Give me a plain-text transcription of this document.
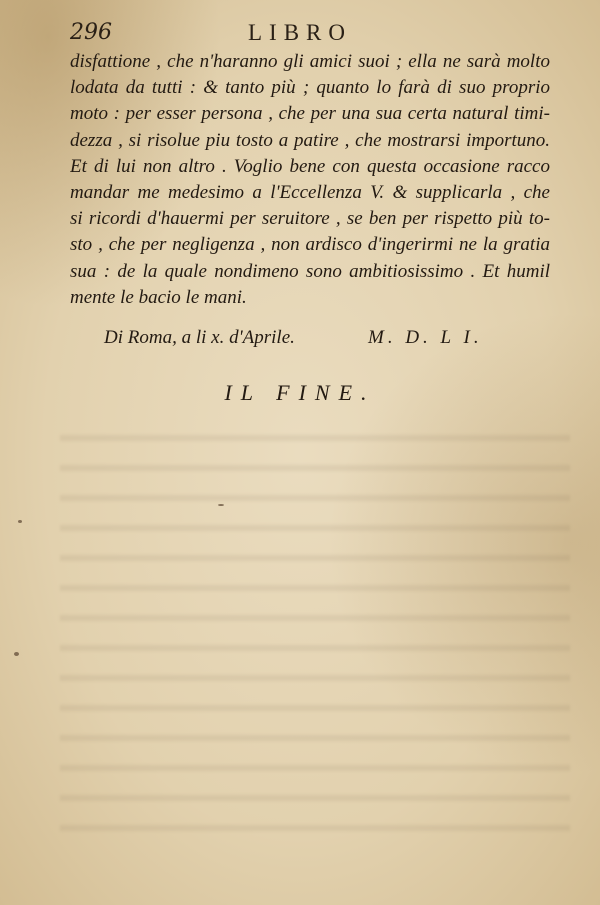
296	LIBRO
disfattione , che n'haranno gli amici suoi ; ella ne sarà molto
lodata da tutti : & tanto più ; quanto lo farà di suo proprio
moto : per esser persona , che per una sua certa natural timi-
dezza , si risolue piu tosto a patire , che mostrarsi importuno.
Et di lui non altro . Voglio bene con questa occasione racco
mandar me medesimo a l'Eccellenza V. & supplicarla , che
si ricordi d'hauermi per seruitore , se ben per rispetto più to-
sto , che per negligenza , non ardisco d'ingerirmi ne la gratia
sua : de la quale nondimeno sono ambitiosissimo . Et humil
mente le bacio le mani.
Di Roma, a li x. d'Aprile.	M. D. L I.
IL FINE.
